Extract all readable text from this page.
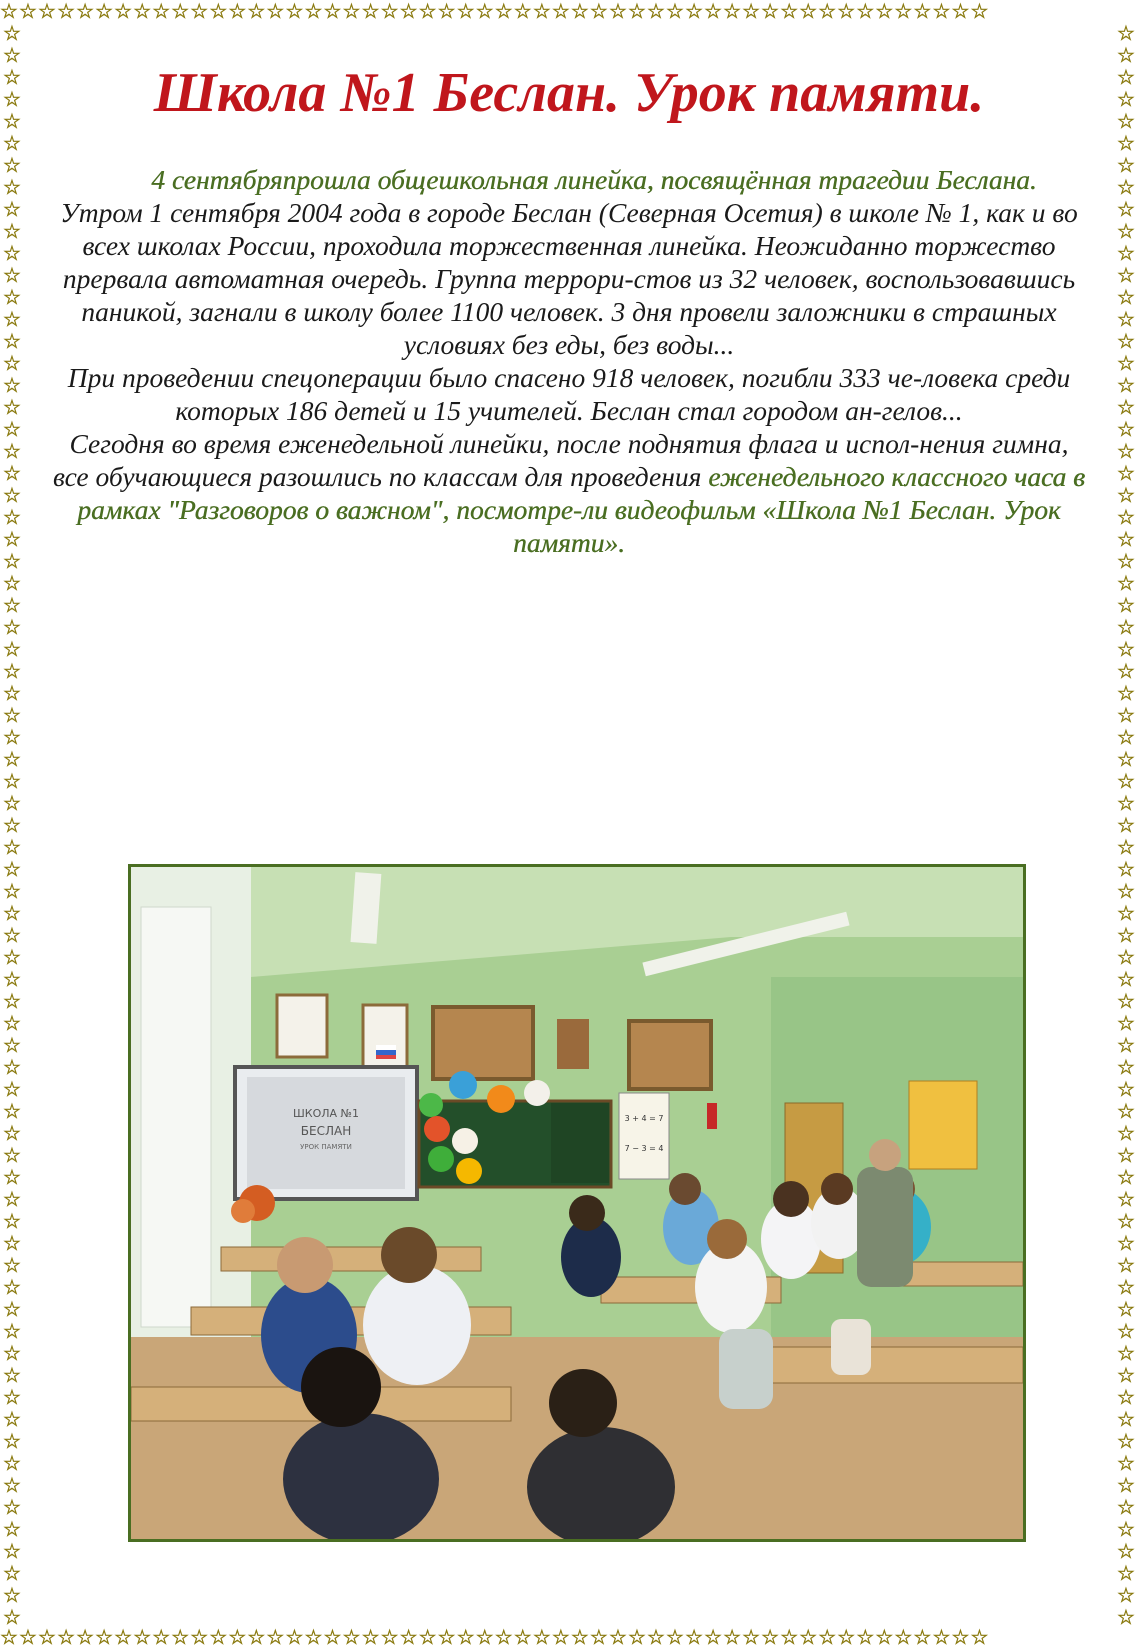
☆☆☆☆☆☆☆☆☆☆☆☆☆☆☆☆☆☆☆☆☆☆☆☆☆☆☆☆☆☆☆☆☆☆☆☆☆☆☆☆☆☆☆☆☆☆☆☆☆☆☆☆
☆☆☆☆☆☆☆☆☆☆☆☆☆☆☆☆☆☆☆☆☆☆☆☆☆☆☆☆☆☆☆☆☆☆☆☆☆☆☆☆☆☆☆☆☆☆☆☆☆☆☆☆
☆☆☆☆☆☆☆☆☆☆☆☆☆☆☆☆☆☆☆☆☆☆☆☆☆☆☆☆☆☆☆☆☆☆☆☆☆☆☆☆☆☆☆☆☆☆☆☆☆☆☆☆☆☆☆☆☆☆☆☆☆☆☆☆☆☆☆☆☆☆☆☆☆
☆☆☆☆☆☆☆☆☆☆☆☆☆☆☆☆☆☆☆☆☆☆☆☆☆☆☆☆☆☆☆☆☆☆☆☆☆☆☆☆☆☆☆☆☆☆☆☆☆☆☆☆☆☆☆☆☆☆☆☆☆☆☆☆☆☆☆☆☆☆☆☆☆
Школа №1 Беслан. Урок памяти.

4 сентябряпрошла общешкольная линейка, посвящённая трагедии Беслана.

Утром 1 сентября 2004 года в городе Беслан (Северная Осетия) в школе № 1, как и во всех школах России, проходила торжественная линейка. Неожиданно торжество прервала автоматная очередь. Группа террори-стов из 32 человек, воспользовавшись паникой, загнали в школу более 1100 человек. 3 дня провели заложники в страшных условиях без еды, без воды...

При проведении спецоперации было спасено 918 человек, погибли 333 че-ловека среди которых 186 детей и 15 учителей. Беслан стал городом ан-гелов...

Сегодня во время еженедельной линейки, после поднятия флага и испол-нения гимна, все обучающиеся разошлись по классам для проведения еженедельного классного часа в рамках "Разговоров о важном", посмотре-ли видеофильм «Школа №1 Беслан. Урок памяти».

ШКОЛА №1
БЕСЛАН
УРОК ПАМЯТИ
3 + 4 = 7
7 − 3 = 4
